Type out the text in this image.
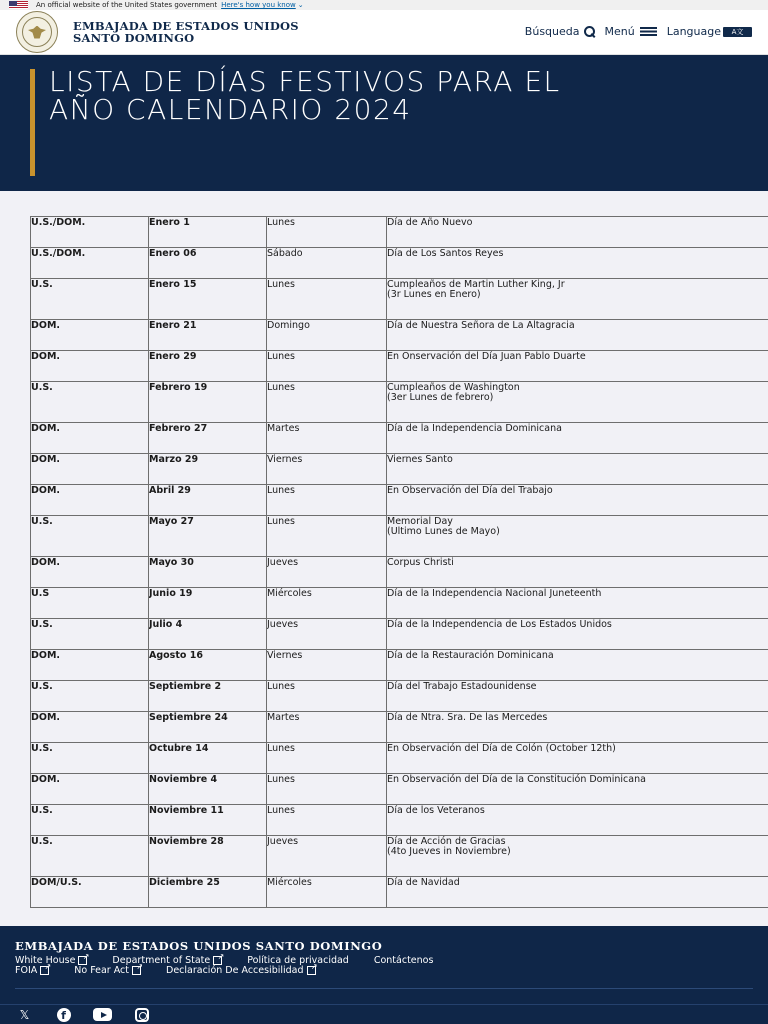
An official website of the United States government Here's how you know ⌄
EMBAJADA DE ESTADOS UNIDOS
SANTO DOMINGO	Búsqueda Menú	Language	A文
LISTA DE DÍAS FESTIVOS PARA EL AÑO CALENDARIO 2024
U.S./DOM.	Enero 1	Lunes	Día de Año Nuevo

U.S./DOM.	Enero 06	Sábado	Día de Los Santos Reyes

U.S.	Enero 15	Lunes	Cumpleaños de Martin Luther King, Jr
(3r Lunes en Enero)

DOM.	Enero 21	Domingo	Día de Nuestra Señora de La Altagracia

DOM.	Enero 29	Lunes	En Onservación del Día Juan Pablo Duarte

U.S.	Febrero 19	Lunes	Cumpleaños de Washington
(3er Lunes de febrero)

DOM.	Febrero 27	Martes	Día de la Independencia Dominicana

DOM.	Marzo 29	Viernes	Viernes Santo

DOM.	Abril 29	Lunes	En Observación del Día del Trabajo

U.S.	Mayo 27	Lunes	Memorial Day
(Ultimo Lunes de Mayo)

DOM.	Mayo 30	Jueves	Corpus Christi

U.S	Junio 19	Miércoles	Día de la Independencia Nacional Juneteenth

U.S.	Julio 4	Jueves	Día de la Independencia de Los Estados Unidos

DOM.	Agosto 16	Viernes	Día de la Restauración Dominicana

U.S.	Septiembre 2	Lunes	Día del Trabajo Estadounidense

DOM.	Septiembre 24	Martes	Día de Ntra. Sra. De las Mercedes

U.S.	Octubre 14	Lunes	En Observación del Día de Colón (October 12th)

DOM.	Noviembre 4	Lunes	En Observación del Día de la Constitución Dominicana

U.S.	Noviembre 11	Lunes	Día de los Veteranos

U.S.	Noviembre 28	Jueves	Día de Acción de Gracias
(4to Jueves in Noviembre)

DOM/U.S.	Diciembre 25	Miércoles	Día de Navidad
EMBAJADA DE ESTADOS UNIDOS SANTO DOMINGO
White House ↗	Department of State ↗	Política de privacidad	Contáctenos
FOIA ↗	No Fear Act ↗	Declaración De Accesibilidad
↗
𝕏	f
